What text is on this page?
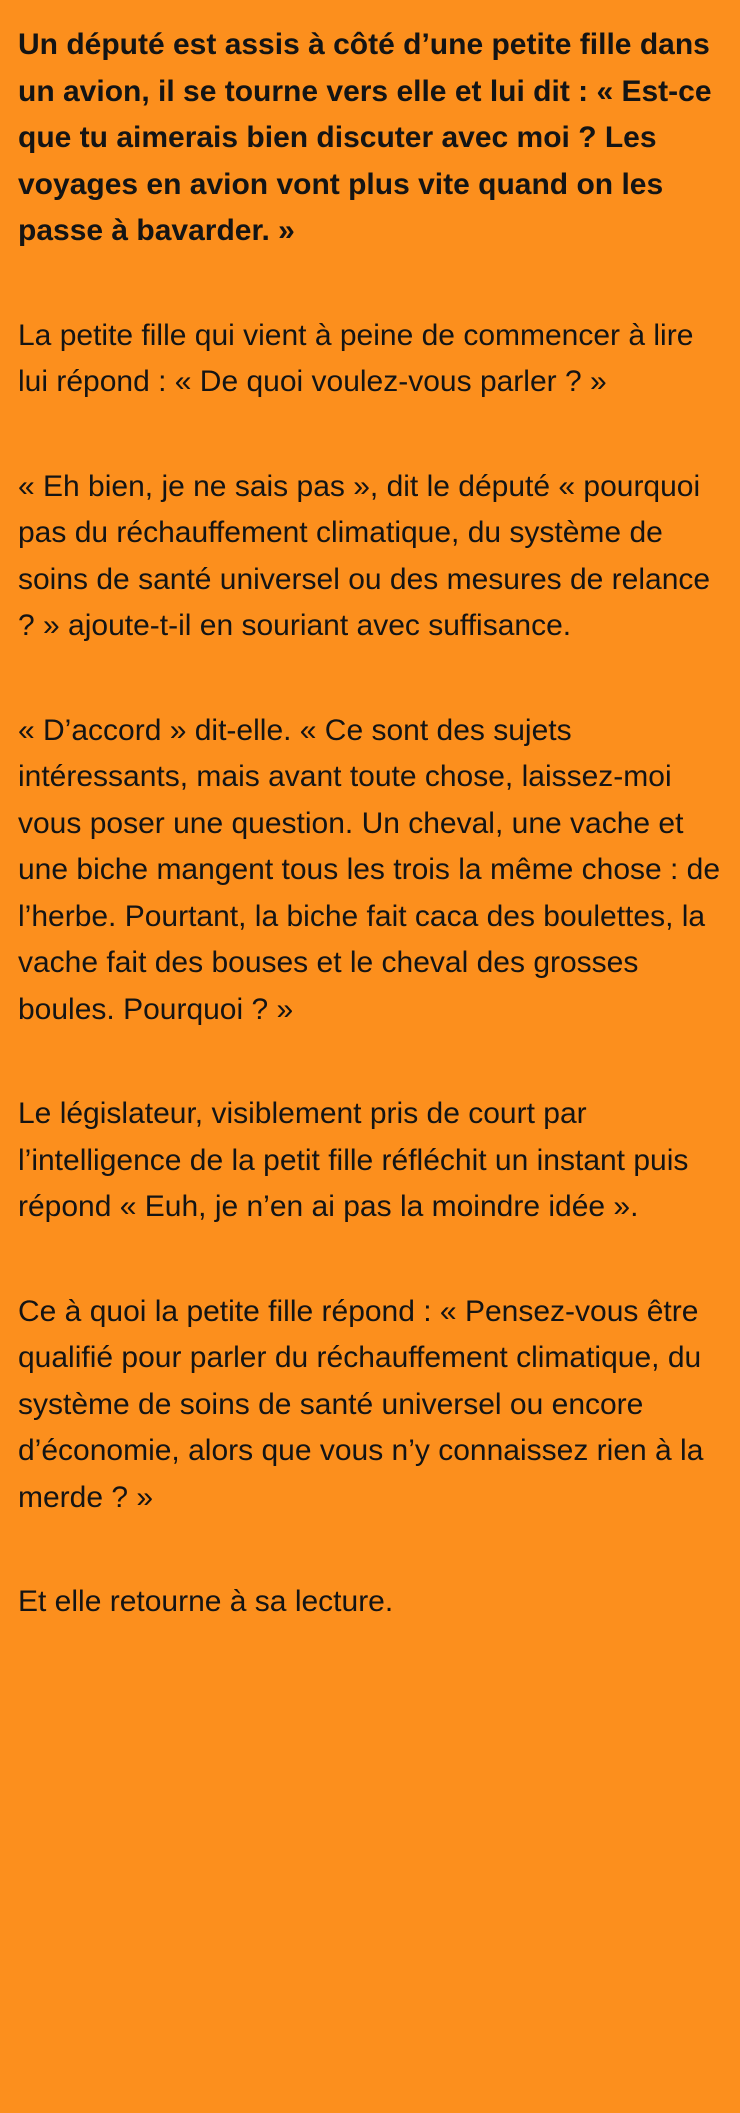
Un député est assis à côté d’une petite fille dans un avion, il se tourne vers elle et lui dit : « Est-ce que tu aimerais bien discuter avec moi ? Les voyages en avion vont plus vite quand on les passe à bavarder. »

La petite fille qui vient à peine de commencer à lire lui répond : « De quoi voulez-vous parler ? »

« Eh bien, je ne sais pas », dit le député « pourquoi pas du réchauffement climatique, du système de soins de santé universel ou des mesures de relance ? » ajoute-t-il en souriant avec suffisance.

« D’accord » dit-elle. « Ce sont des sujets intéressants, mais avant toute chose, laissez-moi vous poser une question. Un cheval, une vache et une biche mangent tous les trois la même chose : de l’herbe. Pourtant, la biche fait caca des boulettes, la vache fait des bouses et le cheval des grosses boules. Pourquoi ? »

Le législateur, visiblement pris de court par l’intelligence de la petit fille réfléchit un instant puis répond « Euh, je n’en ai pas la moindre idée ».

Ce à quoi la petite fille répond : « Pensez-vous être qualifié pour parler du réchauffement climatique, du système de soins de santé universel ou encore d’économie, alors que vous n’y connaissez rien à la merde ? »

Et elle retourne à sa lecture.
